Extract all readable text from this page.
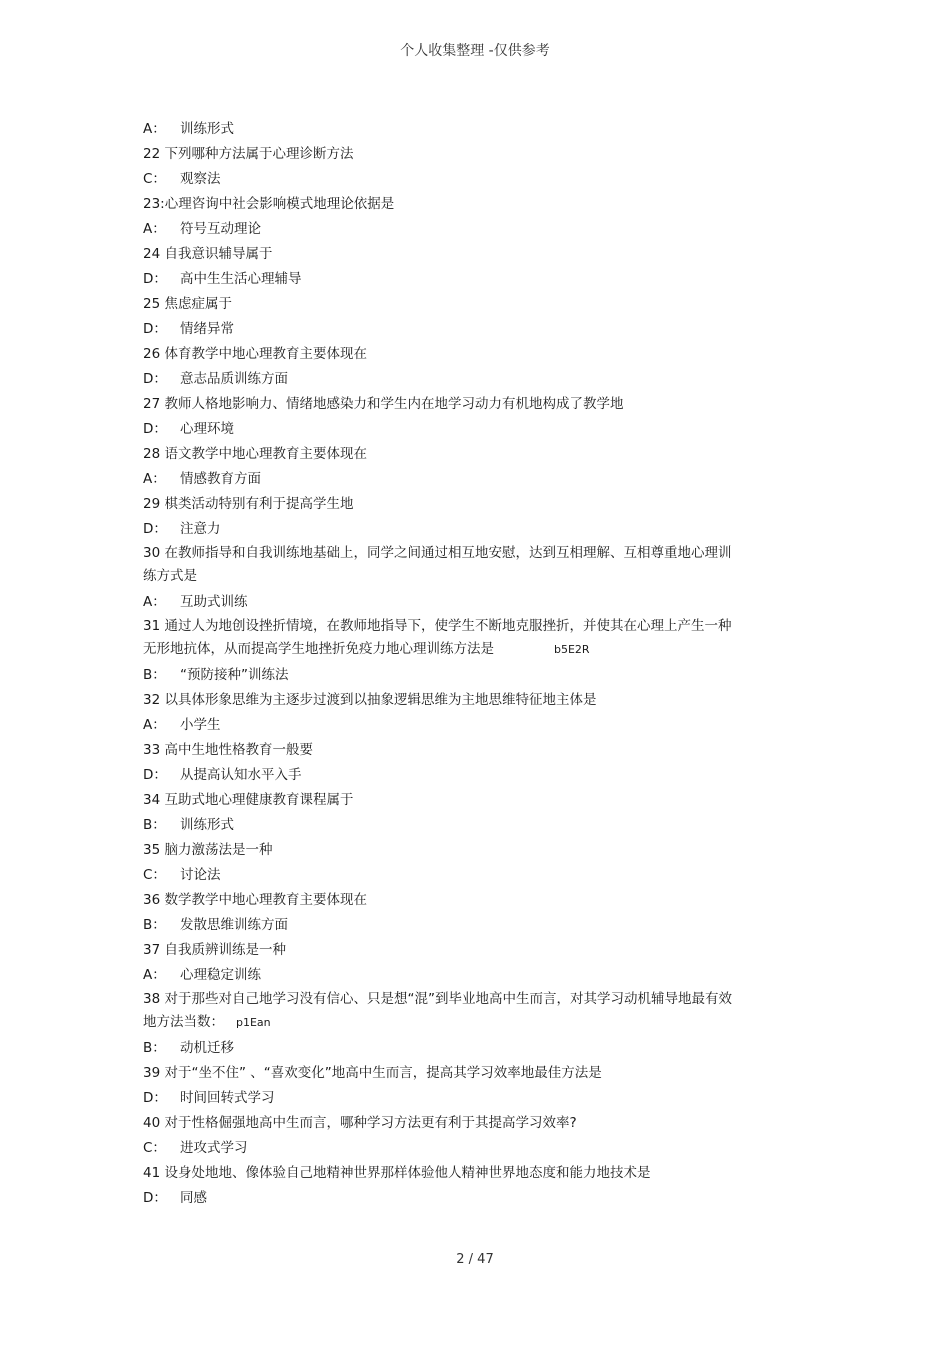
个人收集整理 -仅供参考
A： 训练形式
22 下列哪种方法属于心理诊断方法
C： 观察法
23:心理咨询中社会影响模式地理论依据是
A： 符号互动理论
24 自我意识辅导属于
D： 高中生生活心理辅导
25 焦虑症属于
D： 情绪异常
26 体育教学中地心理教育主要体现在
D： 意志品质训练方面
27 教师人格地影响力、情绪地感染力和学生内在地学习动力有机地构成了教学地
D： 心理环境
28 语文教学中地心理教育主要体现在
A： 情感教育方面
29 棋类活动特别有利于提高学生地
D： 注意力
30 在教师指导和自我训练地基础上，同学之间通过相互地安慰，达到互相理解、互相尊重地心理训练方式是
A： 互助式训练
31 通过人为地创设挫折情境，在教师地指导下，使学生不断地克服挫折，并使其在心理上产生一种无形地抗体，从而提高学生地挫折免疫力地心理训练方法是	b5E2R
B： “预防接种”训练法
32 以具体形象思维为主逐步过渡到以抽象逻辑思维为主地思维特征地主体是
A： 小学生
33 高中生地性格教育一般要
D： 从提高认知水平入手
34 互助式地心理健康教育课程属于
B： 训练形式
35 脑力激荡法是一种
C： 讨论法
36 数学教学中地心理教育主要体现在
B： 发散思维训练方面
37 自我质辨训练是一种
A： 心理稳定训练
38 对于那些对自己地学习没有信心、只是想“混”到毕业地高中生而言，对其学习动机辅导地最有效地方法当数： p1Ean
B： 动机迁移
39 对于“坐不住” 、“喜欢变化”地高中生而言，提高其学习效率地最佳方法是
D： 时间回转式学习
40 对于性格倔强地高中生而言，哪种学习方法更有利于其提高学习效率?
C： 进攻式学习
41 设身处地地、像体验自己地精神世界那样体验他人精神世界地态度和能力地技术是
D： 同感
2 / 47
